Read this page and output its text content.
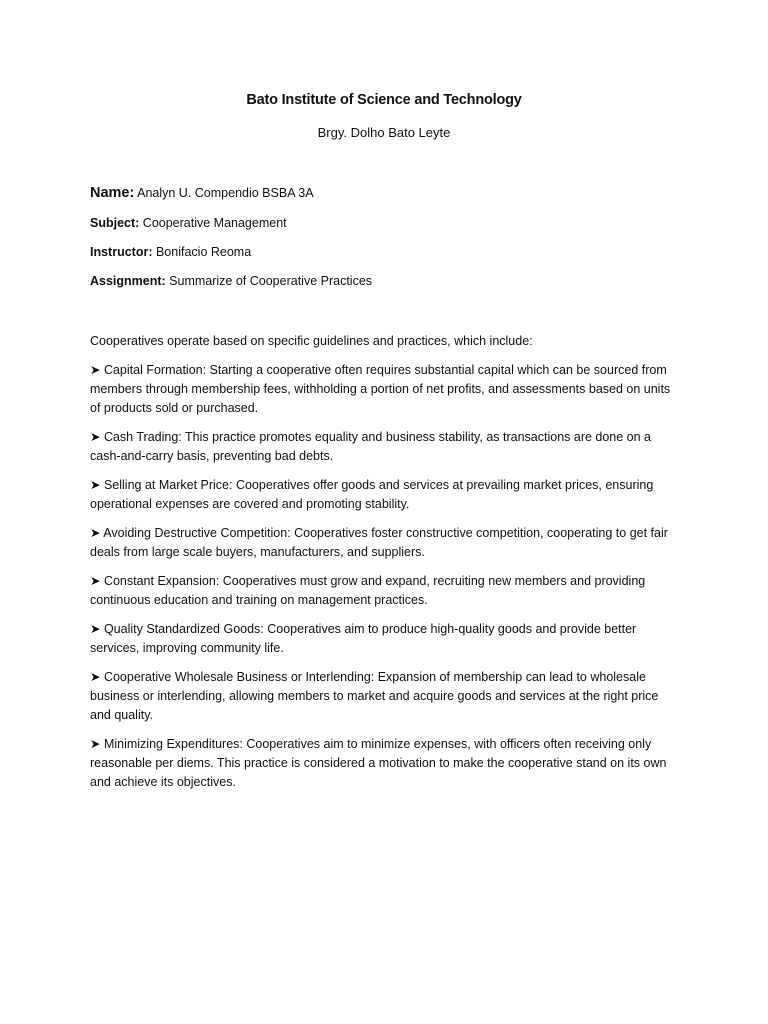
Bato Institute of Science and Technology
Brgy. Dolho Bato Leyte
Name: Analyn U. Compendio BSBA 3A
Subject: Cooperative Management
Instructor: Bonifacio Reoma
Assignment: Summarize of Cooperative Practices

Cooperatives operate based on specific guidelines and practices, which include:

➤ Capital Formation: Starting a cooperative often requires substantial capital which can be sourced from members through membership fees, withholding a portion of net profits, and assessments based on units of products sold or purchased.

➤ Cash Trading: This practice promotes equality and business stability, as transactions are done on a cash-and-carry basis, preventing bad debts.

➤ Selling at Market Price: Cooperatives offer goods and services at prevailing market prices, ensuring operational expenses are covered and promoting stability.

➤ Avoiding Destructive Competition: Cooperatives foster constructive competition, cooperating to get fair deals from large scale buyers, manufacturers, and suppliers.

➤ Constant Expansion: Cooperatives must grow and expand, recruiting new members and providing continuous education and training on management practices.

➤ Quality Standardized Goods: Cooperatives aim to produce high-quality goods and provide better services, improving community life.

➤ Cooperative Wholesale Business or Interlending: Expansion of membership can lead to wholesale business or interlending, allowing members to market and acquire goods and services at the right price and quality.

➤ Minimizing Expenditures: Cooperatives aim to minimize expenses, with officers often receiving only reasonable per diems. This practice is considered a motivation to make the cooperative stand on its own and achieve its objectives.
